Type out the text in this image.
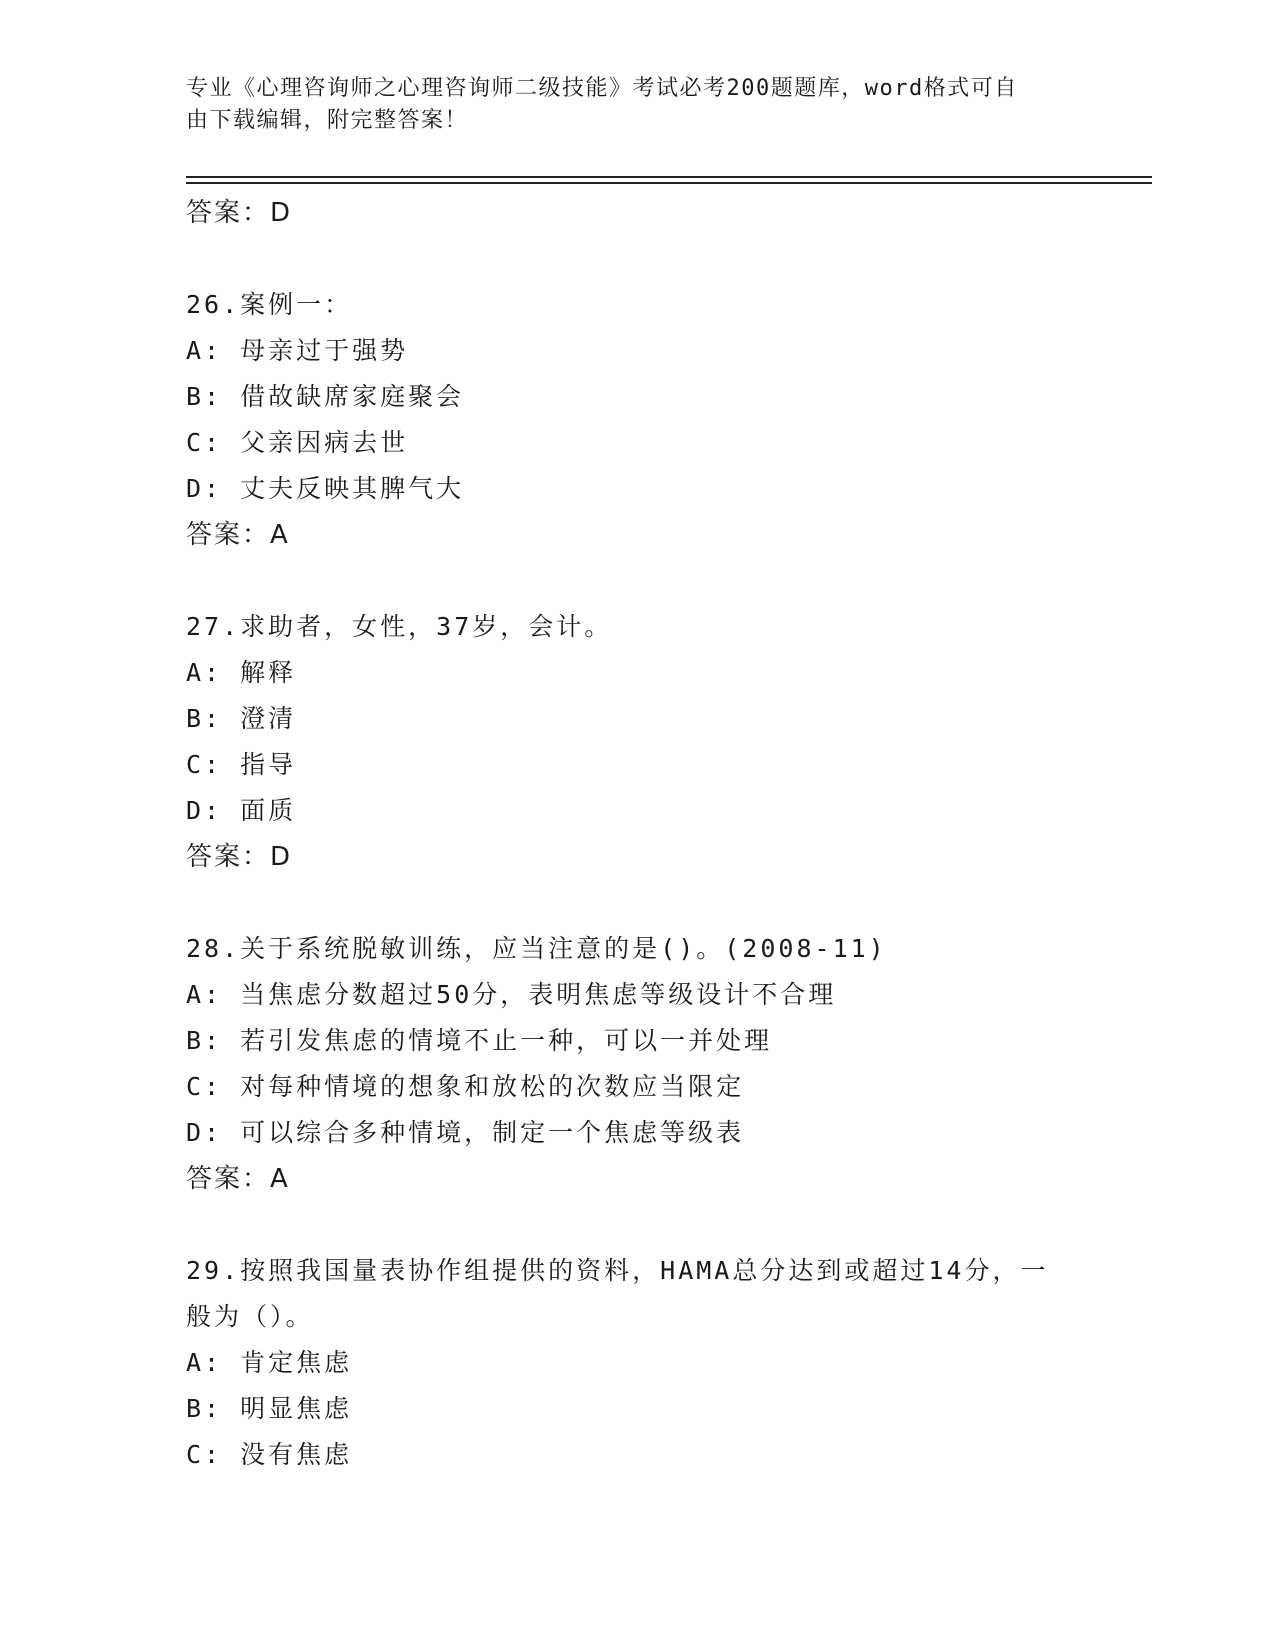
专业《心理咨询师之心理咨询师二级技能》考试必考200题题库，word格式可自
由下载编辑，附完整答案！
答案：D
26.案例一：
A: 母亲过于强势
B: 借故缺席家庭聚会
C: 父亲因病去世
D: 丈夫反映其脾气大
答案：A
27.求助者，女性，37岁，会计。
A: 解释
B: 澄清
C: 指导
D: 面质
答案：D
28.关于系统脱敏训练，应当注意的是()。(2008-11)
A: 当焦虑分数超过50分，表明焦虑等级设计不合理
B: 若引发焦虑的情境不止一种，可以一并处理
C: 对每种情境的想象和放松的次数应当限定
D: 可以综合多种情境，制定一个焦虑等级表
答案：A
29.按照我国量表协作组提供的资料，HAMA总分达到或超过14分，一
般为（）。
A: 肯定焦虑
B: 明显焦虑
C: 没有焦虑
